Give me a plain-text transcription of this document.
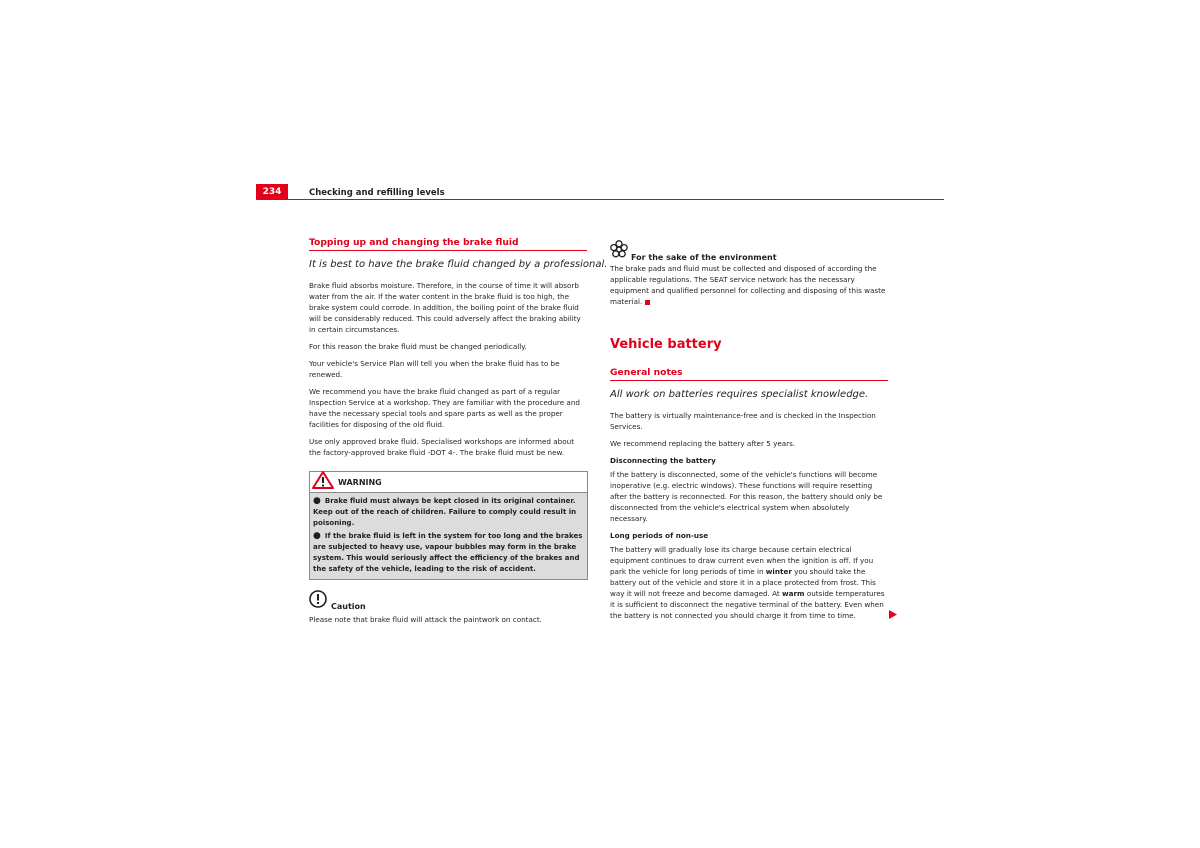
234	Checking and refilling levels
Topping up and changing the brake fluid
It is best to have the brake fluid changed by a professional.

Brake fluid absorbs moisture. Therefore, in the course of time it will absorb water from the air. If the water content in the brake fluid is too high, the brake system could corrode. In addition, the boiling point of the brake fluid will be considerably reduced. This could adversely affect the braking ability in certain circumstances.

For this reason the brake fluid must be changed periodically.

Your vehicle's Service Plan will tell you when the brake fluid has to be renewed.

We recommend you have the brake fluid changed as part of a regular Inspection Service at a workshop. They are familiar with the procedure and have the necessary special tools and spare parts as well as the proper facilities for disposing of the old fluid.

Use only approved brake fluid. Specialised workshops are informed about the factory-approved brake fluid -DOT 4-. The brake fluid must be new.

WARNING
● Brake fluid must always be kept closed in its original container. Keep out of the reach of children. Failure to comply could result in poisoning.
● If the brake fluid is left in the system for too long and the brakes are subjected to heavy use, vapour bubbles may form in the brake system. This would seriously affect the efficiency of the brakes and the safety of the vehicle, leading to the risk of accident.
Caution

Please note that brake fluid will attack the paintwork on contact.

For the sake of the environment

The brake pads and fluid must be collected and disposed of according the applicable regulations. The SEAT service network has the necessary equipment and qualified personnel for collecting and disposing of this waste material.

Vehicle battery
General notes
All work on batteries requires specialist knowledge.

The battery is virtually maintenance-free and is checked in the Inspection Services.

We recommend replacing the battery after 5 years.

Disconnecting the battery

If the battery is disconnected, some of the vehicle's functions will become inoperative (e.g. electric windows). These functions will require resetting after the battery is reconnected. For this reason, the battery should only be disconnected from the vehicle's electrical system when absolutely necessary.

Long periods of non-use

The battery will gradually lose its charge because certain electrical equipment continues to draw current even when the ignition is off. If you park the vehicle for long periods of time in winter you should take the battery out of the vehicle and store it in a place protected from frost. This way it will not freeze and become damaged. At warm outside temperatures it is sufficient to disconnect the negative terminal of the battery. Even when the battery is not connected you should charge it from time to time.
